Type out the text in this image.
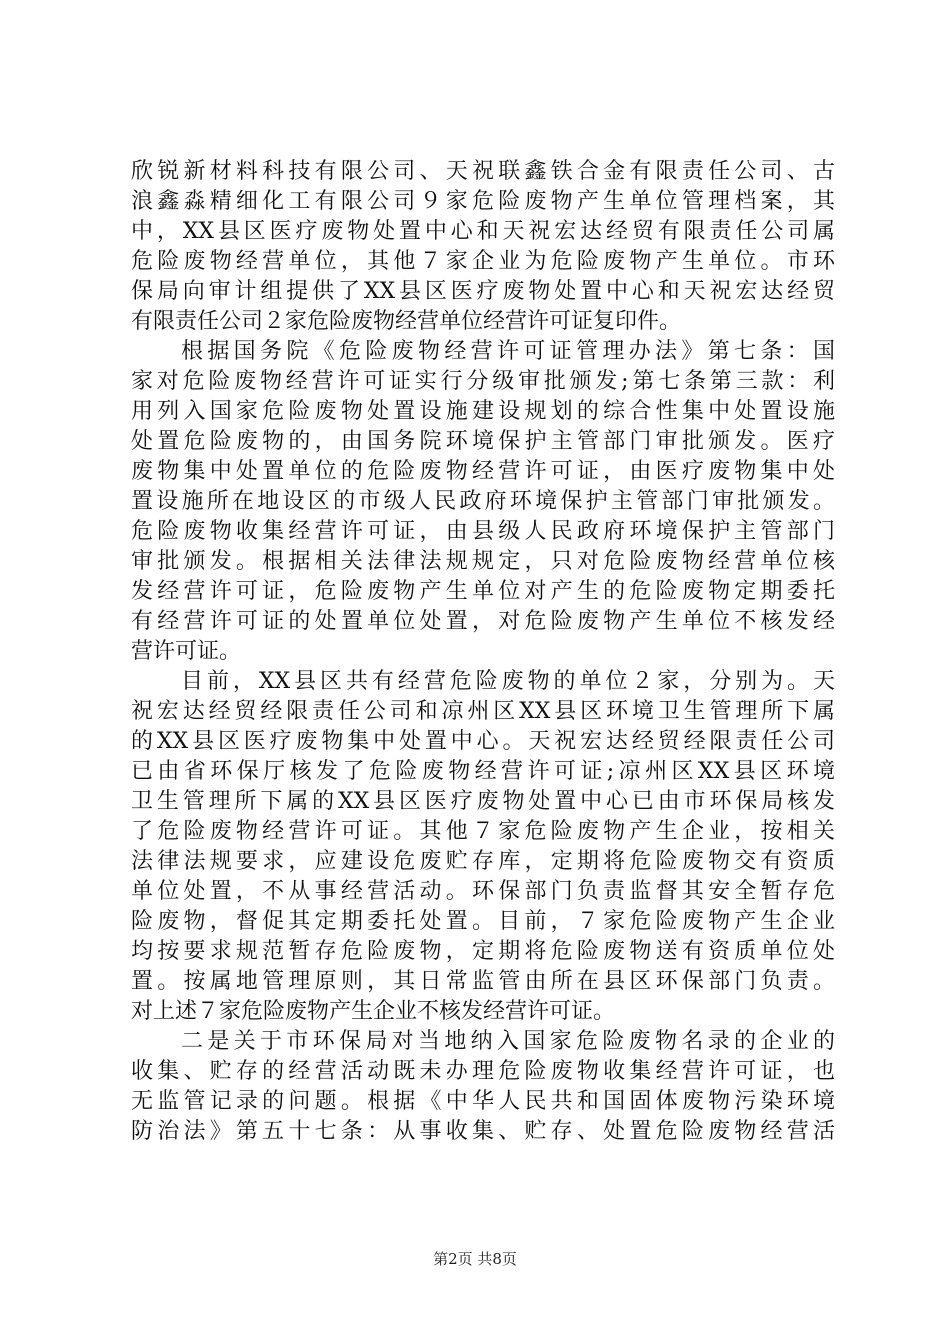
欣锐新材料科技有限公司、天祝联鑫铁合金有限责任公司、古
浪鑫淼精细化工有限公司９家危险废物产生单位管理档案，其
中，XX县区医疗废物处置中心和天祝宏达经贸有限责任公司属
危险废物经营单位，其他７家企业为危险废物产生单位。市环
保局向审计组提供了XX县区医疗废物处置中心和天祝宏达经贸
有限责任公司２家危险废物经营单位经营许可证复印件。
根据国务院《危险废物经营许可证管理办法》第七条：国
家对危险废物经营许可证实行分级审批颁发;第七条第三款：利
用列入国家危险废物处置设施建设规划的综合性集中处置设施
处置危险废物的，由国务院环境保护主管部门审批颁发。医疗
废物集中处置单位的危险废物经营许可证，由医疗废物集中处
置设施所在地设区的市级人民政府环境保护主管部门审批颁发。
危险废物收集经营许可证，由县级人民政府环境保护主管部门
审批颁发。根据相关法律法规规定，只对危险废物经营单位核
发经营许可证，危险废物产生单位对产生的危险废物定期委托
有经营许可证的处置单位处置，对危险废物产生单位不核发经
营许可证。
目前，XX县区共有经营危险废物的单位２家，分别为。天
祝宏达经贸经限责任公司和凉州区XX县区环境卫生管理所下属
的XX县区医疗废物集中处置中心。天祝宏达经贸经限责任公司
已由省环保厅核发了危险废物经营许可证;凉州区XX县区环境
卫生管理所下属的XX县区医疗废物处置中心已由市环保局核发
了危险废物经营许可证。其他７家危险废物产生企业，按相关
法律法规要求，应建设危废贮存库，定期将危险废物交有资质
单位处置，不从事经营活动。环保部门负责监督其安全暂存危
险废物，督促其定期委托处置。目前，７家危险废物产生企业
均按要求规范暂存危险废物，定期将危险废物送有资质单位处
置。按属地管理原则，其日常监管由所在县区环保部门负责。
对上述７家危险废物产生企业不核发经营许可证。
二是关于市环保局对当地纳入国家危险废物名录的企业的
收集、贮存的经营活动既未办理危险废物收集经营许可证，也
无监管记录的问题。根据《中华人民共和国固体废物污染环境
防治法》第五十七条：从事收集、贮存、处置危险废物经营活
第2页 共8页
